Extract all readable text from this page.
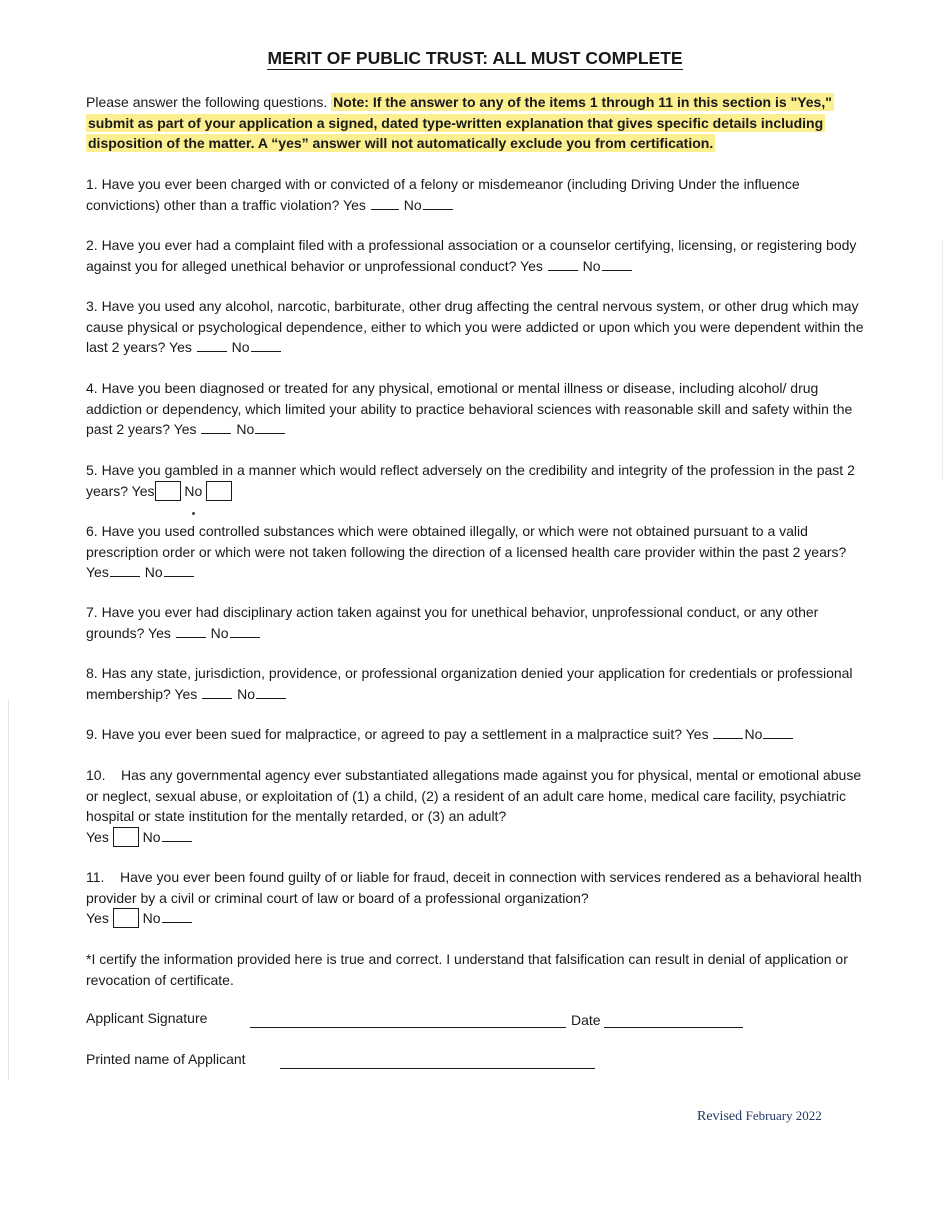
MERIT OF PUBLIC TRUST: ALL MUST COMPLETE
Please answer the following questions. Note: If the answer to any of the items 1 through 11 in this section is "Yes," submit as part of your application a signed, dated type-written explanation that gives specific details including disposition of the matter. A “yes” answer will not automatically exclude you from certification.
1. Have you ever been charged with or convicted of a felony or misdemeanor (including Driving Under the influence convictions) other than a traffic violation? Yes	No
2. Have you ever had a complaint filed with a professional association or a counselor certifying, licensing, or registering body against you for alleged unethical behavior or unprofessional conduct? Yes	No
3. Have you used any alcohol, narcotic, barbiturate, other drug affecting the central nervous system, or other drug which may cause physical or psychological dependence, either to which you were addicted or upon which you were dependent within the last 2 years? Yes	No
4. Have you been diagnosed or treated for any physical, emotional or mental illness or disease, including alcohol/ drug addiction or dependency, which limited your ability to practice behavioral sciences with reasonable skill and safety within the past 2 years? Yes	No
5. Have you gambled in a manner which would reflect adversely on the credibility and integrity of the profession in the past 2 years? Yes No
6. Have you used controlled substances which were obtained illegally, or which were not obtained pursuant to a valid prescription order or which were not taken following the direction of a licensed health care provider within the past 2 years? Yes	No
7. Have you ever had disciplinary action taken against you for unethical behavior, unprofessional conduct, or any other grounds? Yes	No
8. Has any state, jurisdiction, providence, or professional organization denied your application for credentials or professional membership? Yes	No
9. Have you ever been sued for malpractice, or agreed to pay a settlement in a malpractice suit? Yes	No
10.    Has any governmental agency ever substantiated allegations made against you for physical, mental or emotional abuse or neglect, sexual abuse, or exploitation of (1) a child, (2) a resident of an adult care home, medical care facility, psychiatric hospital or state institution for the mentally retarded, or (3) an adult?
Yes No
11.    Have you ever been found guilty of or liable for fraud, deceit in connection with services rendered as a behavioral health provider by a civil or criminal court of law or board of a professional organization?
Yes No
*I certify the information provided here is true and correct. I understand that falsification can result in denial of application or revocation of certificate.
Applicant Signature	Date
Printed name of Applicant
Revised February 2022
